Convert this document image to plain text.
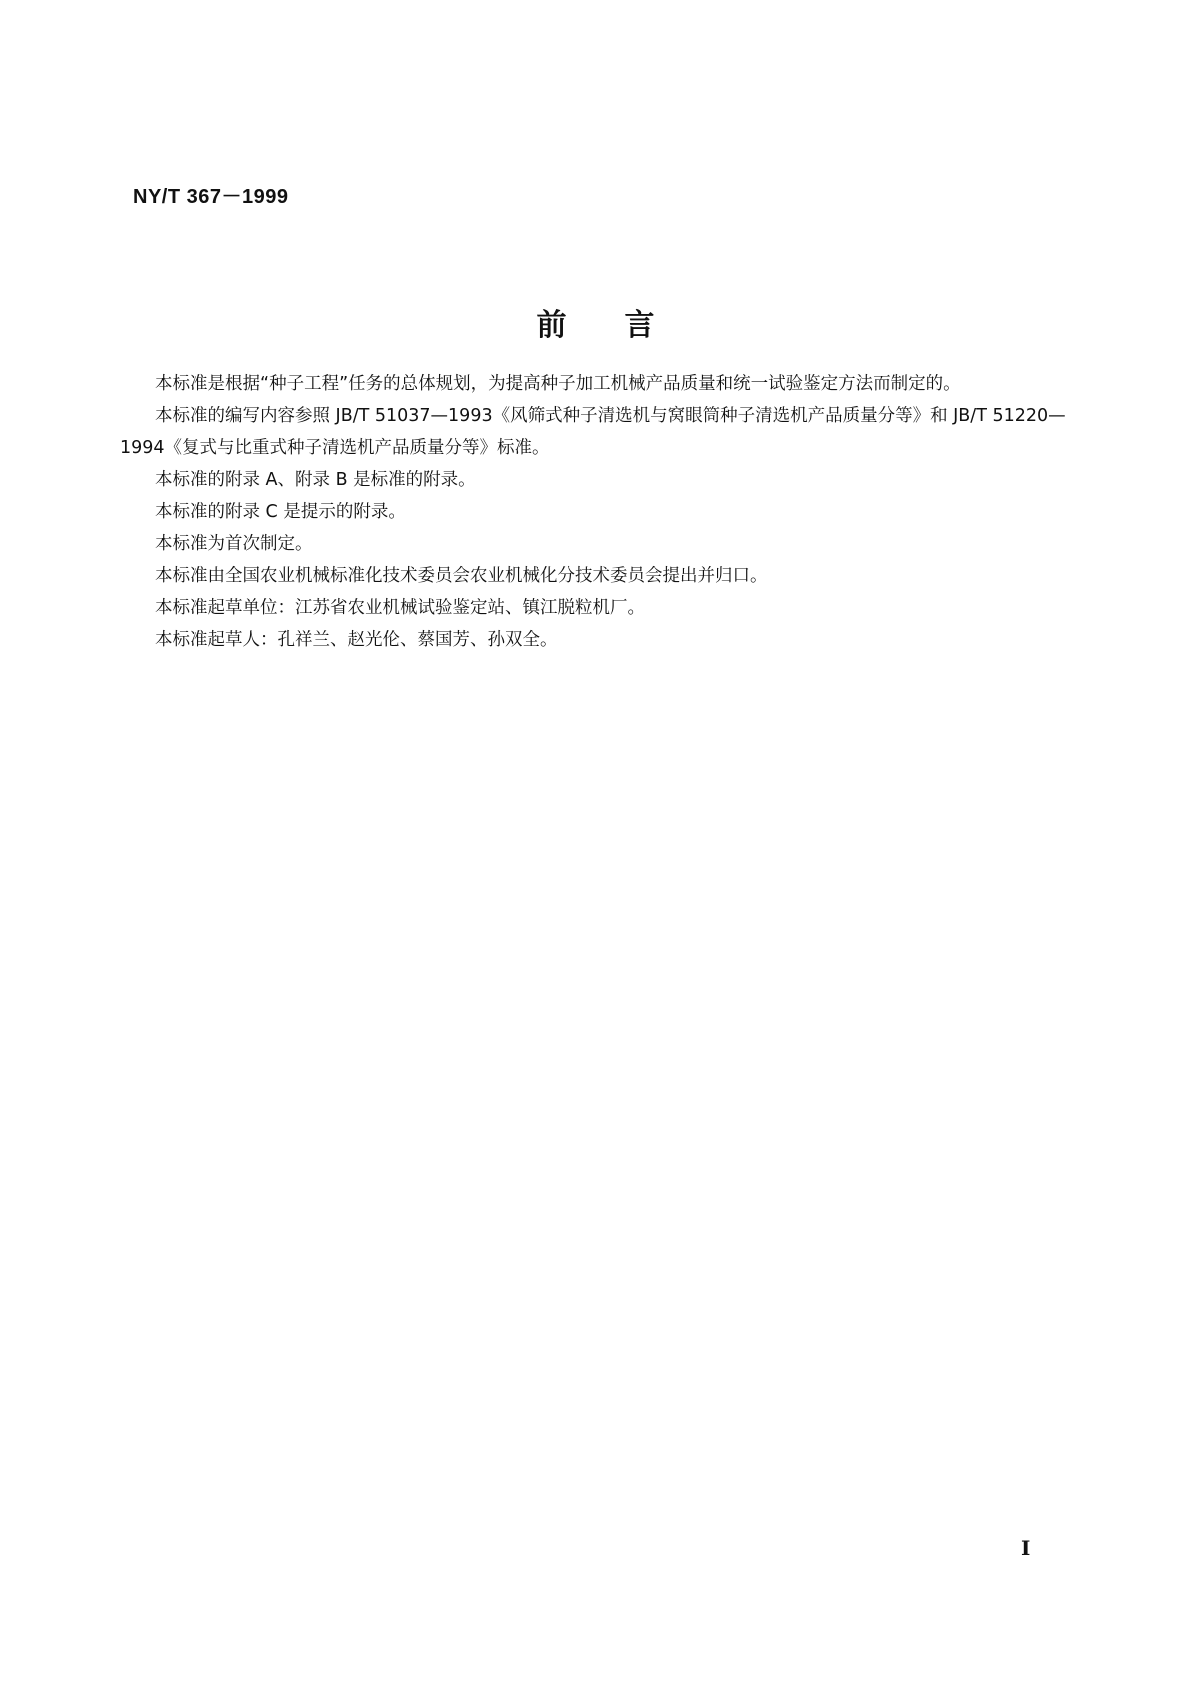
NY/T 367－1999
前言

本标准是根据“种子工程”任务的总体规划，为提高种子加工机械产品质量和统一试验鉴定方法而制定的。

本标准的编写内容参照 JB/T 51037—1993《风筛式种子清选机与窝眼筒种子清选机产品质量分等》和 JB/T 51220—1994《复式与比重式种子清选机产品质量分等》标准。

本标准的附录 A、附录 B 是标准的附录。

本标准的附录 C 是提示的附录。

本标准为首次制定。

本标准由全国农业机械标准化技术委员会农业机械化分技术委员会提出并归口。

本标准起草单位：江苏省农业机械试验鉴定站、镇江脱粒机厂。

本标准起草人：孔祥兰、赵光伦、蔡国芳、孙双全。

I
